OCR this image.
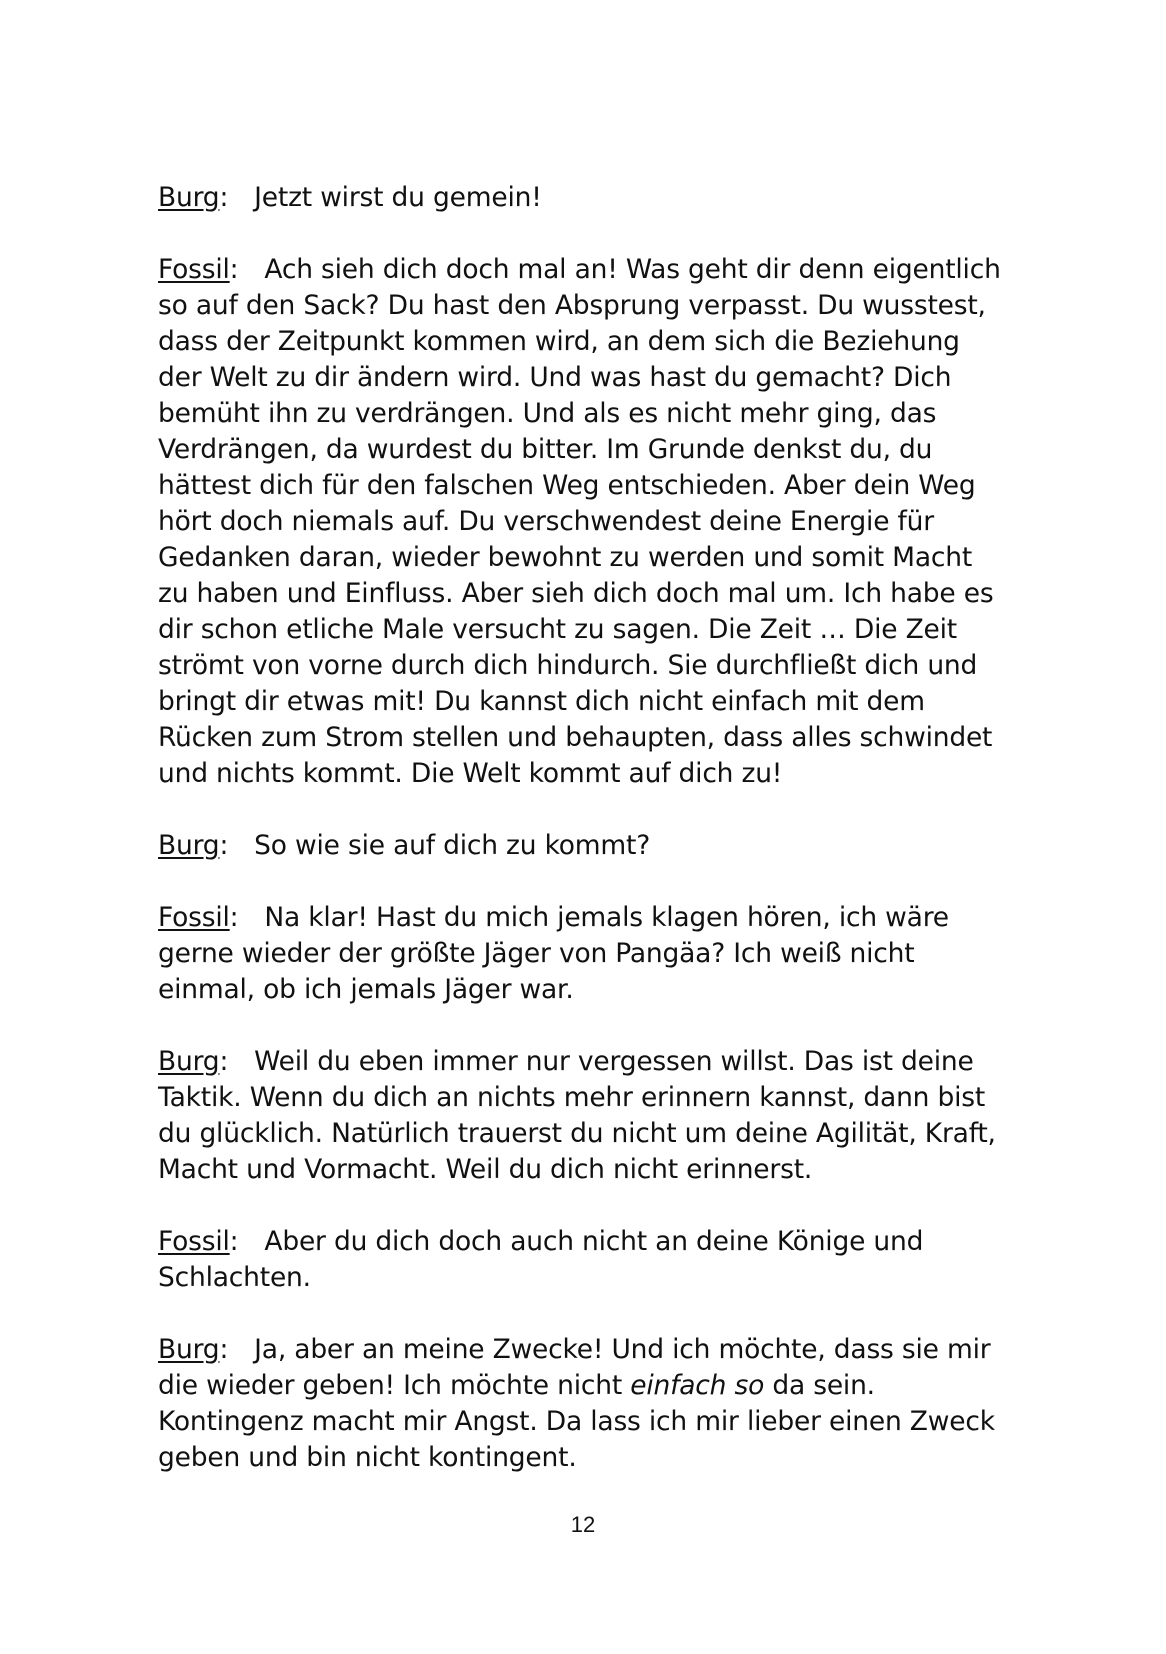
Burg: Jetzt wirst du gemein!

Fossil: Ach sieh dich doch mal an! Was geht dir denn eigentlich so auf den Sack? Du hast den Absprung verpasst. Du wusstest, dass der Zeitpunkt kommen wird, an dem sich die Beziehung der Welt zu dir ändern wird. Und was hast du gemacht? Dich bemüht ihn zu verdrängen. Und als es nicht mehr ging, das Verdrängen, da wurdest du bitter. Im Grunde denkst du, du hättest dich für den falschen Weg entschieden. Aber dein Weg hört doch niemals auf. Du verschwendest deine Energie für Gedanken daran, wieder bewohnt zu werden und somit Macht zu haben und Einfluss. Aber sieh dich doch mal um. Ich habe es dir schon etliche Male versucht zu sagen. Die Zeit … Die Zeit strömt von vorne durch dich hindurch. Sie durchfließt dich und bringt dir etwas mit! Du kannst dich nicht einfach mit dem Rücken zum Strom stellen und behaupten, dass alles schwindet und nichts kommt. Die Welt kommt auf dich zu!

Burg: So wie sie auf dich zu kommt?

Fossil: Na klar! Hast du mich jemals klagen hören, ich wäre gerne wieder der größte Jäger von Pangäa? Ich weiß nicht einmal, ob ich jemals Jäger war.

Burg: Weil du eben immer nur vergessen willst. Das ist deine Taktik. Wenn du dich an nichts mehr erinnern kannst, dann bist du glücklich. Natürlich trauerst du nicht um deine Agilität, Kraft, Macht und Vormacht. Weil du dich nicht erinnerst.

Fossil: Aber du dich doch auch nicht an deine Könige und Schlachten.

Burg: Ja, aber an meine Zwecke! Und ich möchte, dass sie mir die wieder geben! Ich möchte nicht einfach so da sein. Kontingenz macht mir Angst. Da lass ich mir lieber einen Zweck geben und bin nicht kontingent.

12
